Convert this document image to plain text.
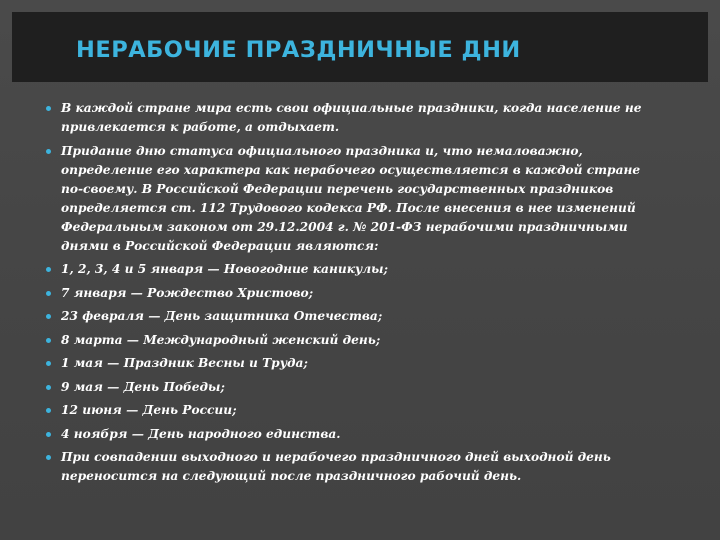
НЕРАБОЧИЕ ПРАЗДНИЧНЫЕ ДНИ
В каждой стране мира есть свои официальные праздники, когда население не привлекается к работе, а отдыхает.
Придание дню статуса официального праздника и, что немаловажно, определение его характера как нерабочего осуществляется в каждой стране по-своему. В Российской Федерации перечень государственных праздников определяется ст. 112 Трудового кодекса РФ. После внесения в нее изменений Федеральным законом от 29.12.2004 г. № 201-ФЗ нерабочими праздничными днями в Российской Федерации являются:
1, 2, 3, 4 и 5 января — Новогодние каникулы;
7 января — Рождество Христово;
23 февраля — День защитника Отечества;
8 марта — Международный женский день;
1 мая — Праздник Весны и Труда;
9 мая — День Победы;
12 июня — День России;
4 ноября — День народного единства.
При совпадении выходного и нерабочего праздничного дней выходной день переносится на следующий после праздничного рабочий день.
